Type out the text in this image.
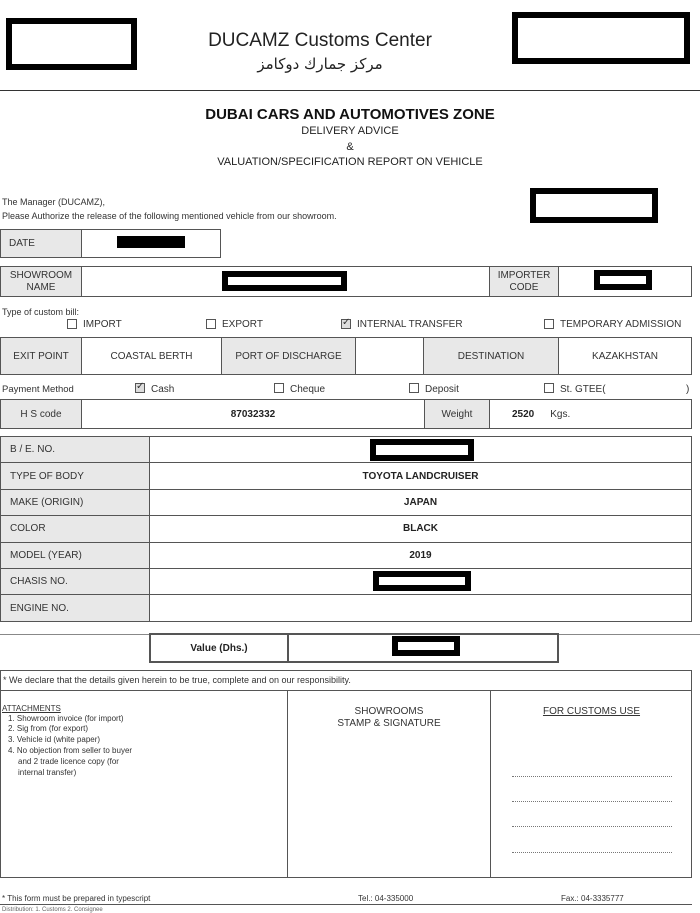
DUCAMZ Customs Center
مركز جمارك دوكامز
DUBAI CARS AND AUTOMOTIVES ZONE
DELIVERY ADVICE
&
VALUATION/SPECIFICATION REPORT ON VEHICLE
The Manager (DUCAMZ),
Please Authorize the release of the following mentioned vehicle from our showroom.
DATE
SHOWROOM NAME
IMPORTER CODE
Type of custom bill:
IMPORT	EXPORT ✓	INTERNAL TRANSFER	TEMPORARY ADMISSION
EXIT POINT	COASTAL BERTH	PORT OF DISCHARGE	DESTINATION	KAZAKHSTAN
Payment Method ✓	Cash	Cheque	Deposit	St. GTEE(	)
H S code	87032332	Weight	2520 Kgs.
B / E. NO.
TYPE OF BODY	TOYOTA LANDCRUISER
MAKE (ORIGIN)	JAPAN
COLOR	BLACK
MODEL (YEAR)	2019
CHASIS NO.
ENGINE NO.
Value (Dhs.)
* We declare that the details given herein to be true, complete and on our responsibility.
ATTACHMENTS
1. Showroom invoice (for import)
2. Sig from (for export)
3. Vehicle id (white paper)
4. No objection from seller to buyer
and 2 trade licence copy (for
internal transfer)
SHOWROOMS
STAMP & SIGNATURE
FOR CUSTOMS USE
* This form must be prepared in typescript	Tel.: 04-335000	Fax.: 04-3335777
Distribution: 1. Customs 2. Consignee
